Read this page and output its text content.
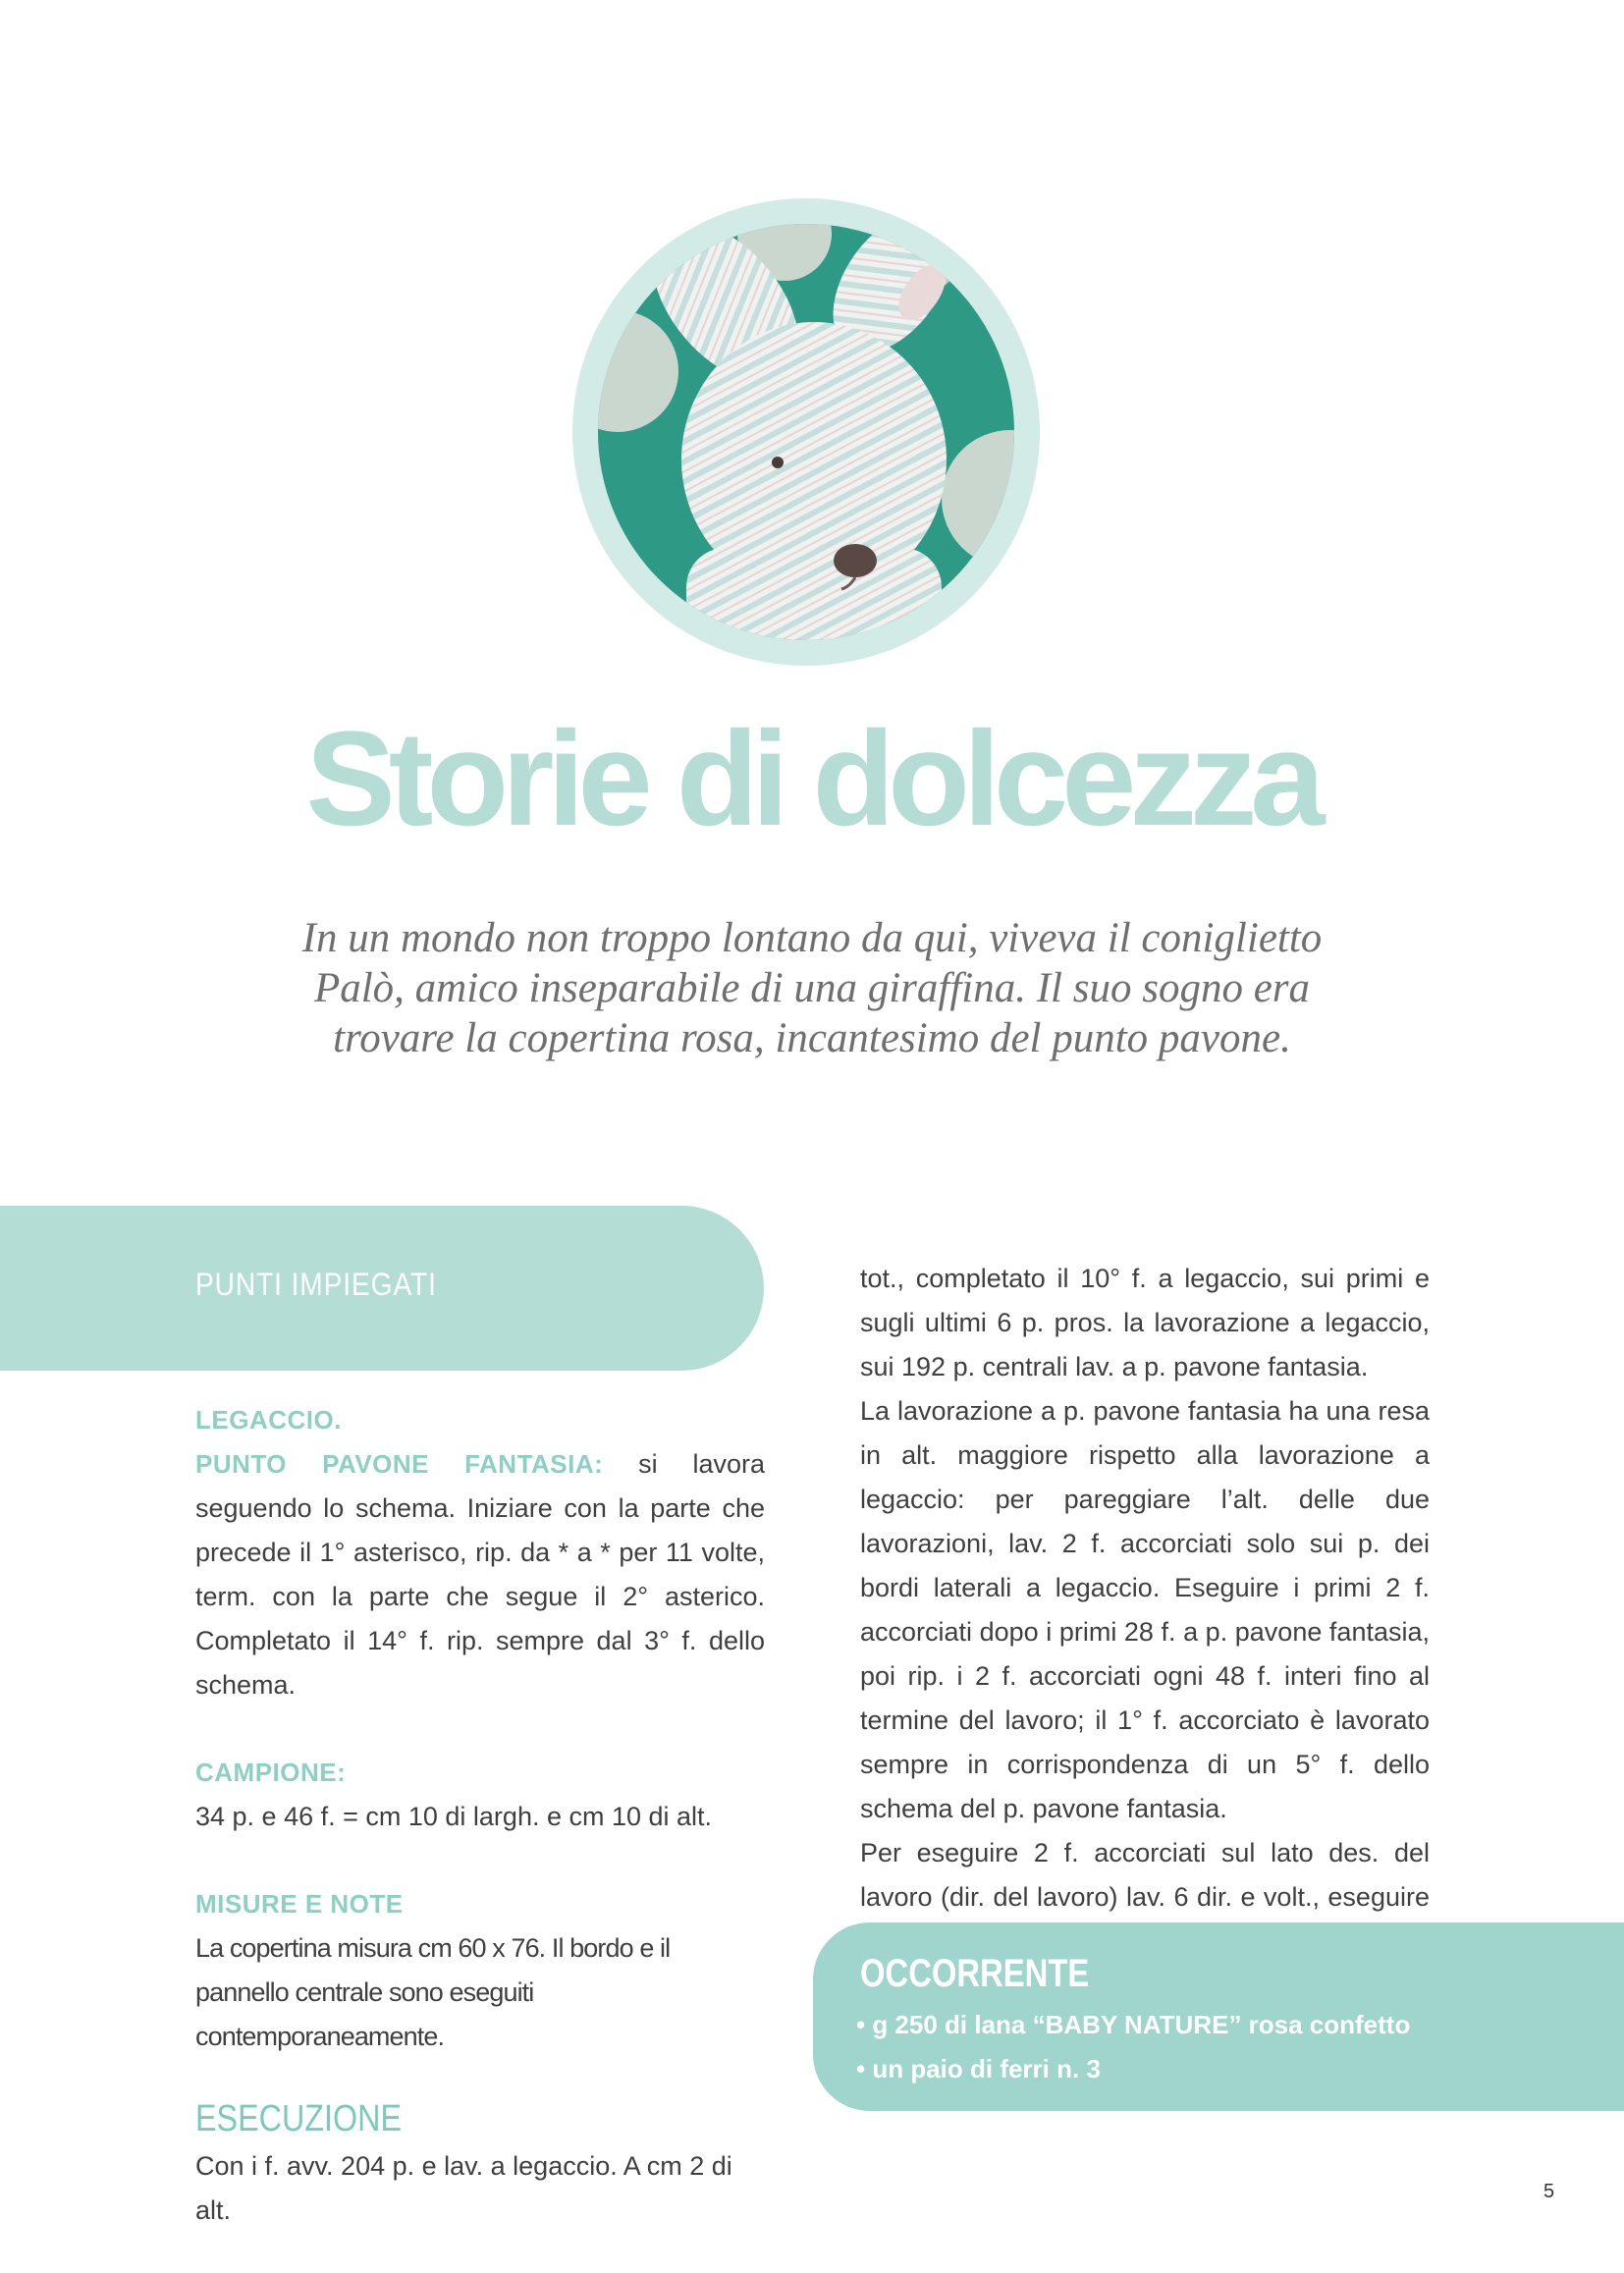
Storie di dolcezza

In un mondo non troppo lontano da qui, viveva il coniglietto
Palò, amico inseparabile di una giraffina. Il suo sogno era
trovare la copertina rosa, incantesimo del punto pavone.

PUNTI IMPIEGATI

LEGACCIO.

PUNTO PAVONE FANTASIA: si lavora seguendo lo schema. Iniziare con la parte che precede il 1° asterisco, rip. da * a * per 11 volte, term. con la parte che segue il 2° asterico. Completato il 14° f. rip. sempre dal 3° f. dello schema.

CAMPIONE:

34 p. e 46 f. = cm 10 di largh. e cm 10 di alt.

MISURE E NOTE

La copertina misura cm 60 x 76. Il bordo e il pannello centrale sono eseguiti contemporaneamente.

ESECUZIONE

Con i f. avv. 204 p. e lav. a legaccio. A cm 2 di alt.

tot., completato il 10° f. a legaccio, sui primi e sugli ultimi 6 p. pros. la lavorazione a legaccio, sui 192 p. centrali lav. a p. pavone fantasia.

La lavorazione a p. pavone fantasia ha una resa in alt. maggiore rispetto alla lavorazione a legaccio: per pareggiare l’alt. delle due lavorazioni, lav. 2 f. accorciati solo sui p. dei bordi laterali a legaccio. Eseguire i primi 2 f. accorciati dopo i primi 28 f. a p. pavone fantasia, poi rip. i 2 f. accorciati ogni 48 f. interi fino al termine del lavoro; il 1° f. accorciato è lavorato sempre in corrispondenza di un 5° f. dello schema del p. pavone fantasia.

Per eseguire 2 f. accorciati sul lato des. del lavoro (dir. del lavoro) lav. 6 dir. e volt., eseguire

OCCORRENTE
• g 250 di lana “BABY NATURE” rosa confetto
• un paio di ferri n. 3
5
